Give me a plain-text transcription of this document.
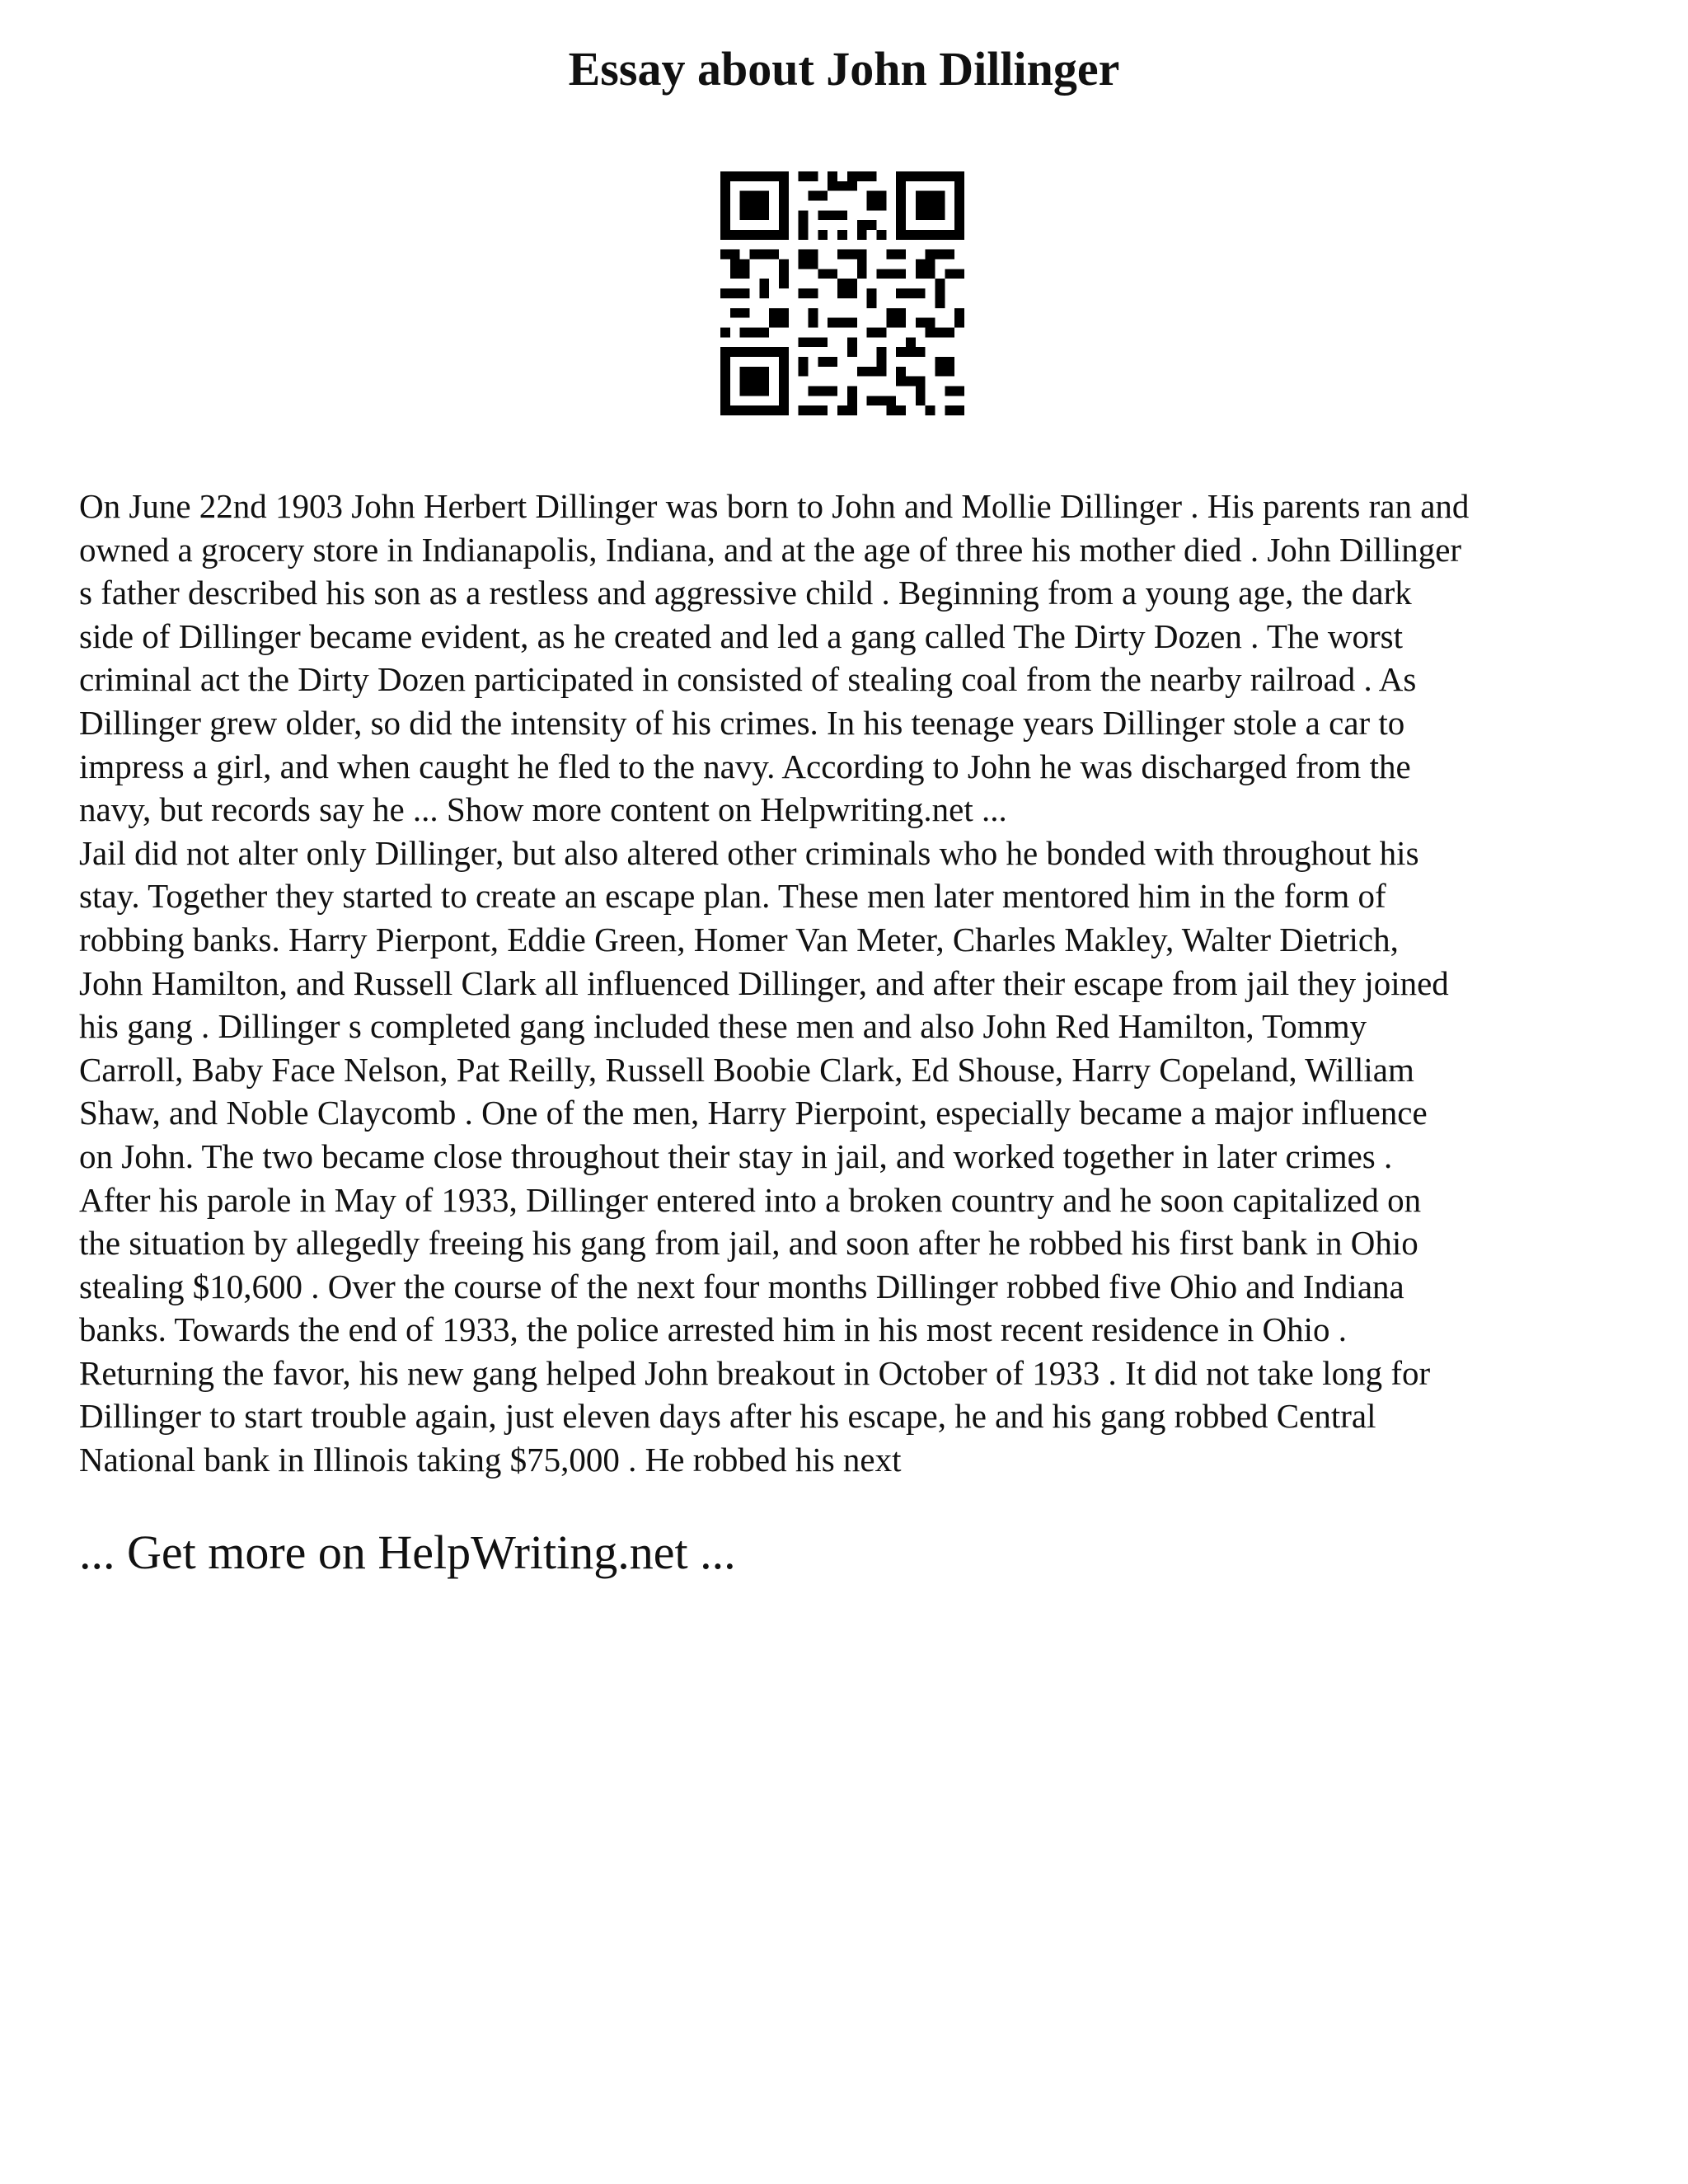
Essay about John Dillinger

On June 22nd 1903 John Herbert Dillinger was born to John and Mollie Dillinger . His parents ran and
owned a grocery store in Indianapolis, Indiana, and at the age of three his mother died . John Dillinger
s father described his son as a restless and aggressive child . Beginning from a young age, the dark
side of Dillinger became evident, as he created and led a gang called The Dirty Dozen . The worst
criminal act the Dirty Dozen participated in consisted of stealing coal from the nearby railroad . As
Dillinger grew older, so did the intensity of his crimes. In his teenage years Dillinger stole a car to
impress a girl, and when caught he fled to the navy. According to John he was discharged from the
navy, but records say he ... Show more content on Helpwriting.net ...
Jail did not alter only Dillinger, but also altered other criminals who he bonded with throughout his
stay. Together they started to create an escape plan. These men later mentored him in the form of
robbing banks. Harry Pierpont, Eddie Green, Homer Van Meter, Charles Makley, Walter Dietrich,
John Hamilton, and Russell Clark all influenced Dillinger, and after their escape from jail they joined
his gang . Dillinger s completed gang included these men and also John Red Hamilton, Tommy
Carroll, Baby Face Nelson, Pat Reilly, Russell Boobie Clark, Ed Shouse, Harry Copeland, William
Shaw, and Noble Claycomb . One of the men, Harry Pierpoint, especially became a major influence
on John. The two became close throughout their stay in jail, and worked together in later crimes .
After his parole in May of 1933, Dillinger entered into a broken country and he soon capitalized on
the situation by allegedly freeing his gang from jail, and soon after he robbed his first bank in Ohio
stealing $10,600 . Over the course of the next four months Dillinger robbed five Ohio and Indiana
banks. Towards the end of 1933, the police arrested him in his most recent residence in Ohio .
Returning the favor, his new gang helped John breakout in October of 1933 . It did not take long for
Dillinger to start trouble again, just eleven days after his escape, he and his gang robbed Central
National bank in Illinois taking $75,000 . He robbed his next

... Get more on HelpWriting.net ...
